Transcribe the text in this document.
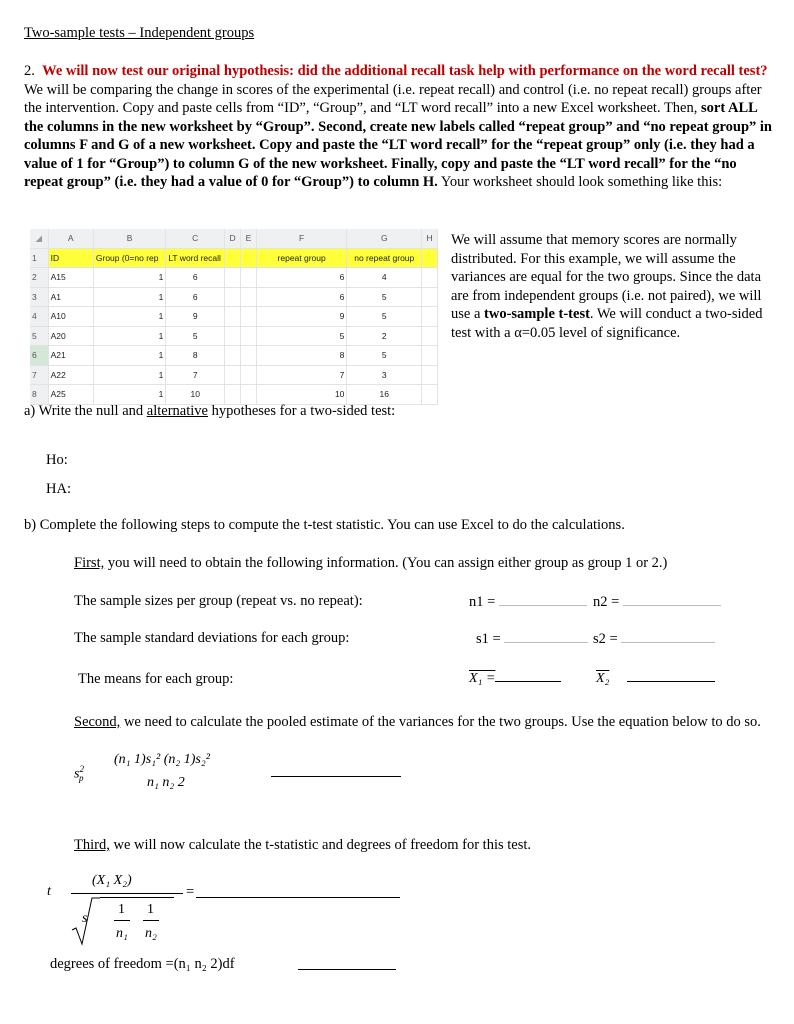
Two-sample tests – Independent groups
2. We will now test our original hypothesis: did the additional recall task help with performance on the word recall test? We will be comparing the change in scores of the experimental (i.e. repeat recall) and control (i.e. no repeat recall) groups after the intervention. Copy and paste cells from “ID”, “Group”, and “LT word recall” into a new Excel worksheet. Then, sort ALL the columns in the new worksheet by “Group”. Second, create new labels called “repeat group” and “no repeat group” in columns F and G of a new worksheet. Copy and paste the “LT word recall” for the “repeat group” only (i.e. they had a value of 1 for “Group”) to column G of the new worksheet. Finally, copy and paste the “LT word recall” for the “no repeat group” (i.e. they had a value of 0 for “Group”) to column H. Your worksheet should look something like this:
◢	A	B	C	D	E	F	G	H
1	ID	Group (0=no rep	LT word recall			repeat group	no repeat group	
2	A15	1	6			6	4	
3	A1	1	6			6	5	
4	A10	1	9			9	5	
5	A20	1	5			5	2	
6	A21	1	8			8	5	
7	A22	1	7			7	3	
8	A25	1	10			10	16	
We will assume that memory scores are normally distributed. For this example, we will assume the variances are equal for the two groups. Since the data are from independent groups (i.e. not paired), we will use a two-sample t-test. We will conduct a two-sided test with a α=0.05 level of significance.
a) Write the null and alternative hypotheses for a two-sided test:
Ho:
HA:
b) Complete the following steps to compute the t-test statistic. You can use Excel to do the calculations.
First, you will need to obtain the following information. (You can assign either group as group 1 or 2.)
The sample sizes per group (repeat vs. no repeat):	n1 =	n2 =
The sample standard deviations for each group:	s1 =	s2 =
The means for each group:	X₁ =	X₂
Second, we need to calculate the pooled estimate of the variances for the two groups. Use the equation below to do so.
$s^2_p$
(n₁ 1)s₁² (n₂ 1)s₂²
n₁ n₂ 2
Third, we will now calculate the t-statistic and degrees of freedom for this test.
t
(X₁ X₂)
s
1 1
n₁ n₂
=
degrees of freedom =(n₁ n₂ 2)df
